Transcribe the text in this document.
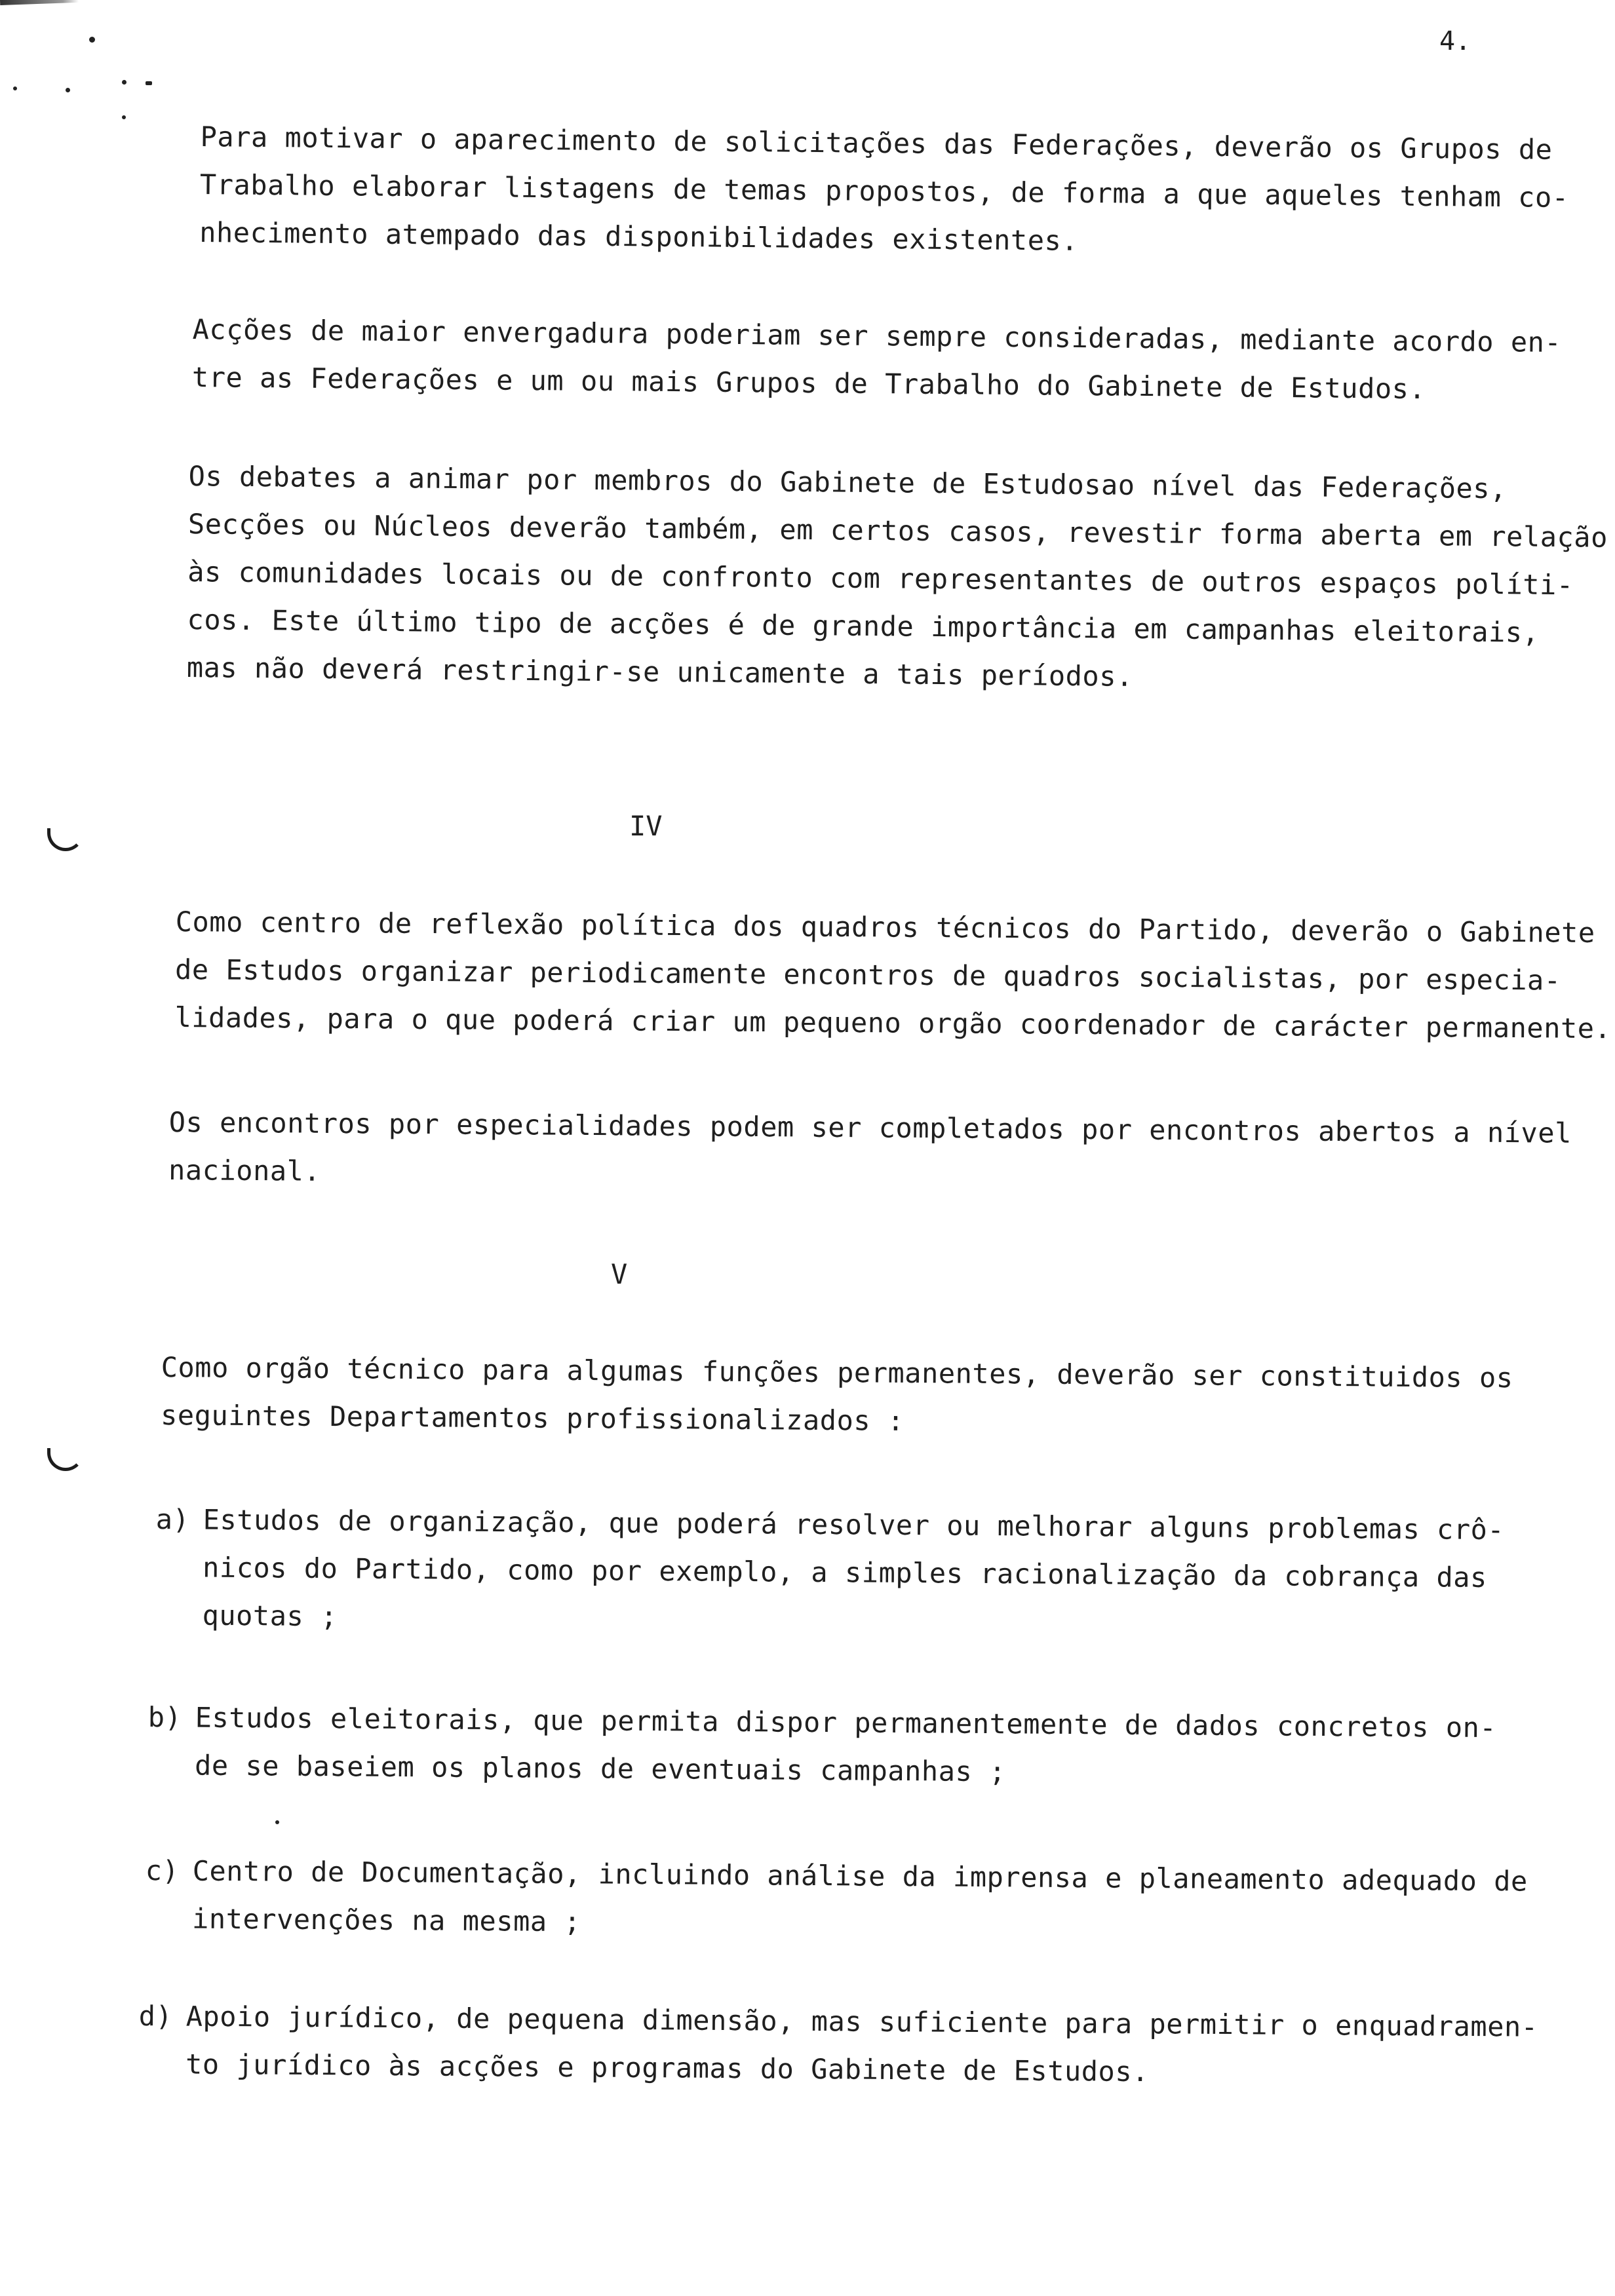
4.

Para motivar o aparecimento de solicitações das Federações, deverão os Grupos de
Trabalho elaborar listagens de temas propostos, de forma a que aqueles tenham co-
nhecimento atempado das disponibilidades existentes.

Acções de maior envergadura poderiam ser sempre consideradas, mediante acordo en-
tre as Federações e um ou mais Grupos de Trabalho do Gabinete de Estudos.

Os debates a animar por membros do Gabinete de Estudosao nível das Federações,
Secções ou Núcleos deverão também, em certos casos, revestir forma aberta em relação
às comunidades locais ou de confronto com representantes de outros espaços políti-
cos. Este último tipo de acções é de grande importância em campanhas eleitorais,
mas não deverá restringir-se unicamente a tais períodos.

IV

Como centro de reflexão política dos quadros técnicos do Partido, deverão o Gabinete
de Estudos organizar periodicamente encontros de quadros socialistas, por especia-
lidades, para o que poderá criar um pequeno orgão coordenador de carácter permanente.

Os encontros por especialidades podem ser completados por encontros abertos a nível
nacional.

V

Como orgão técnico para algumas funções permanentes, deverão ser constituidos os
seguintes Departamentos profissionalizados :

a) Estudos de organização, que poderá resolver ou melhorar alguns problemas crô-
nicos do Partido, como por exemplo, a simples racionalização da cobrança das
quotas ;
b) Estudos eleitorais, que permita dispor permanentemente de dados concretos on-
de se baseiem os planos de eventuais campanhas ;
c) Centro de Documentação, incluindo análise da imprensa e planeamento adequado de
intervenções na mesma ;
d) Apoio jurídico, de pequena dimensão, mas suficiente para permitir o enquadramen-
to jurídico às acções e programas do Gabinete de Estudos.
